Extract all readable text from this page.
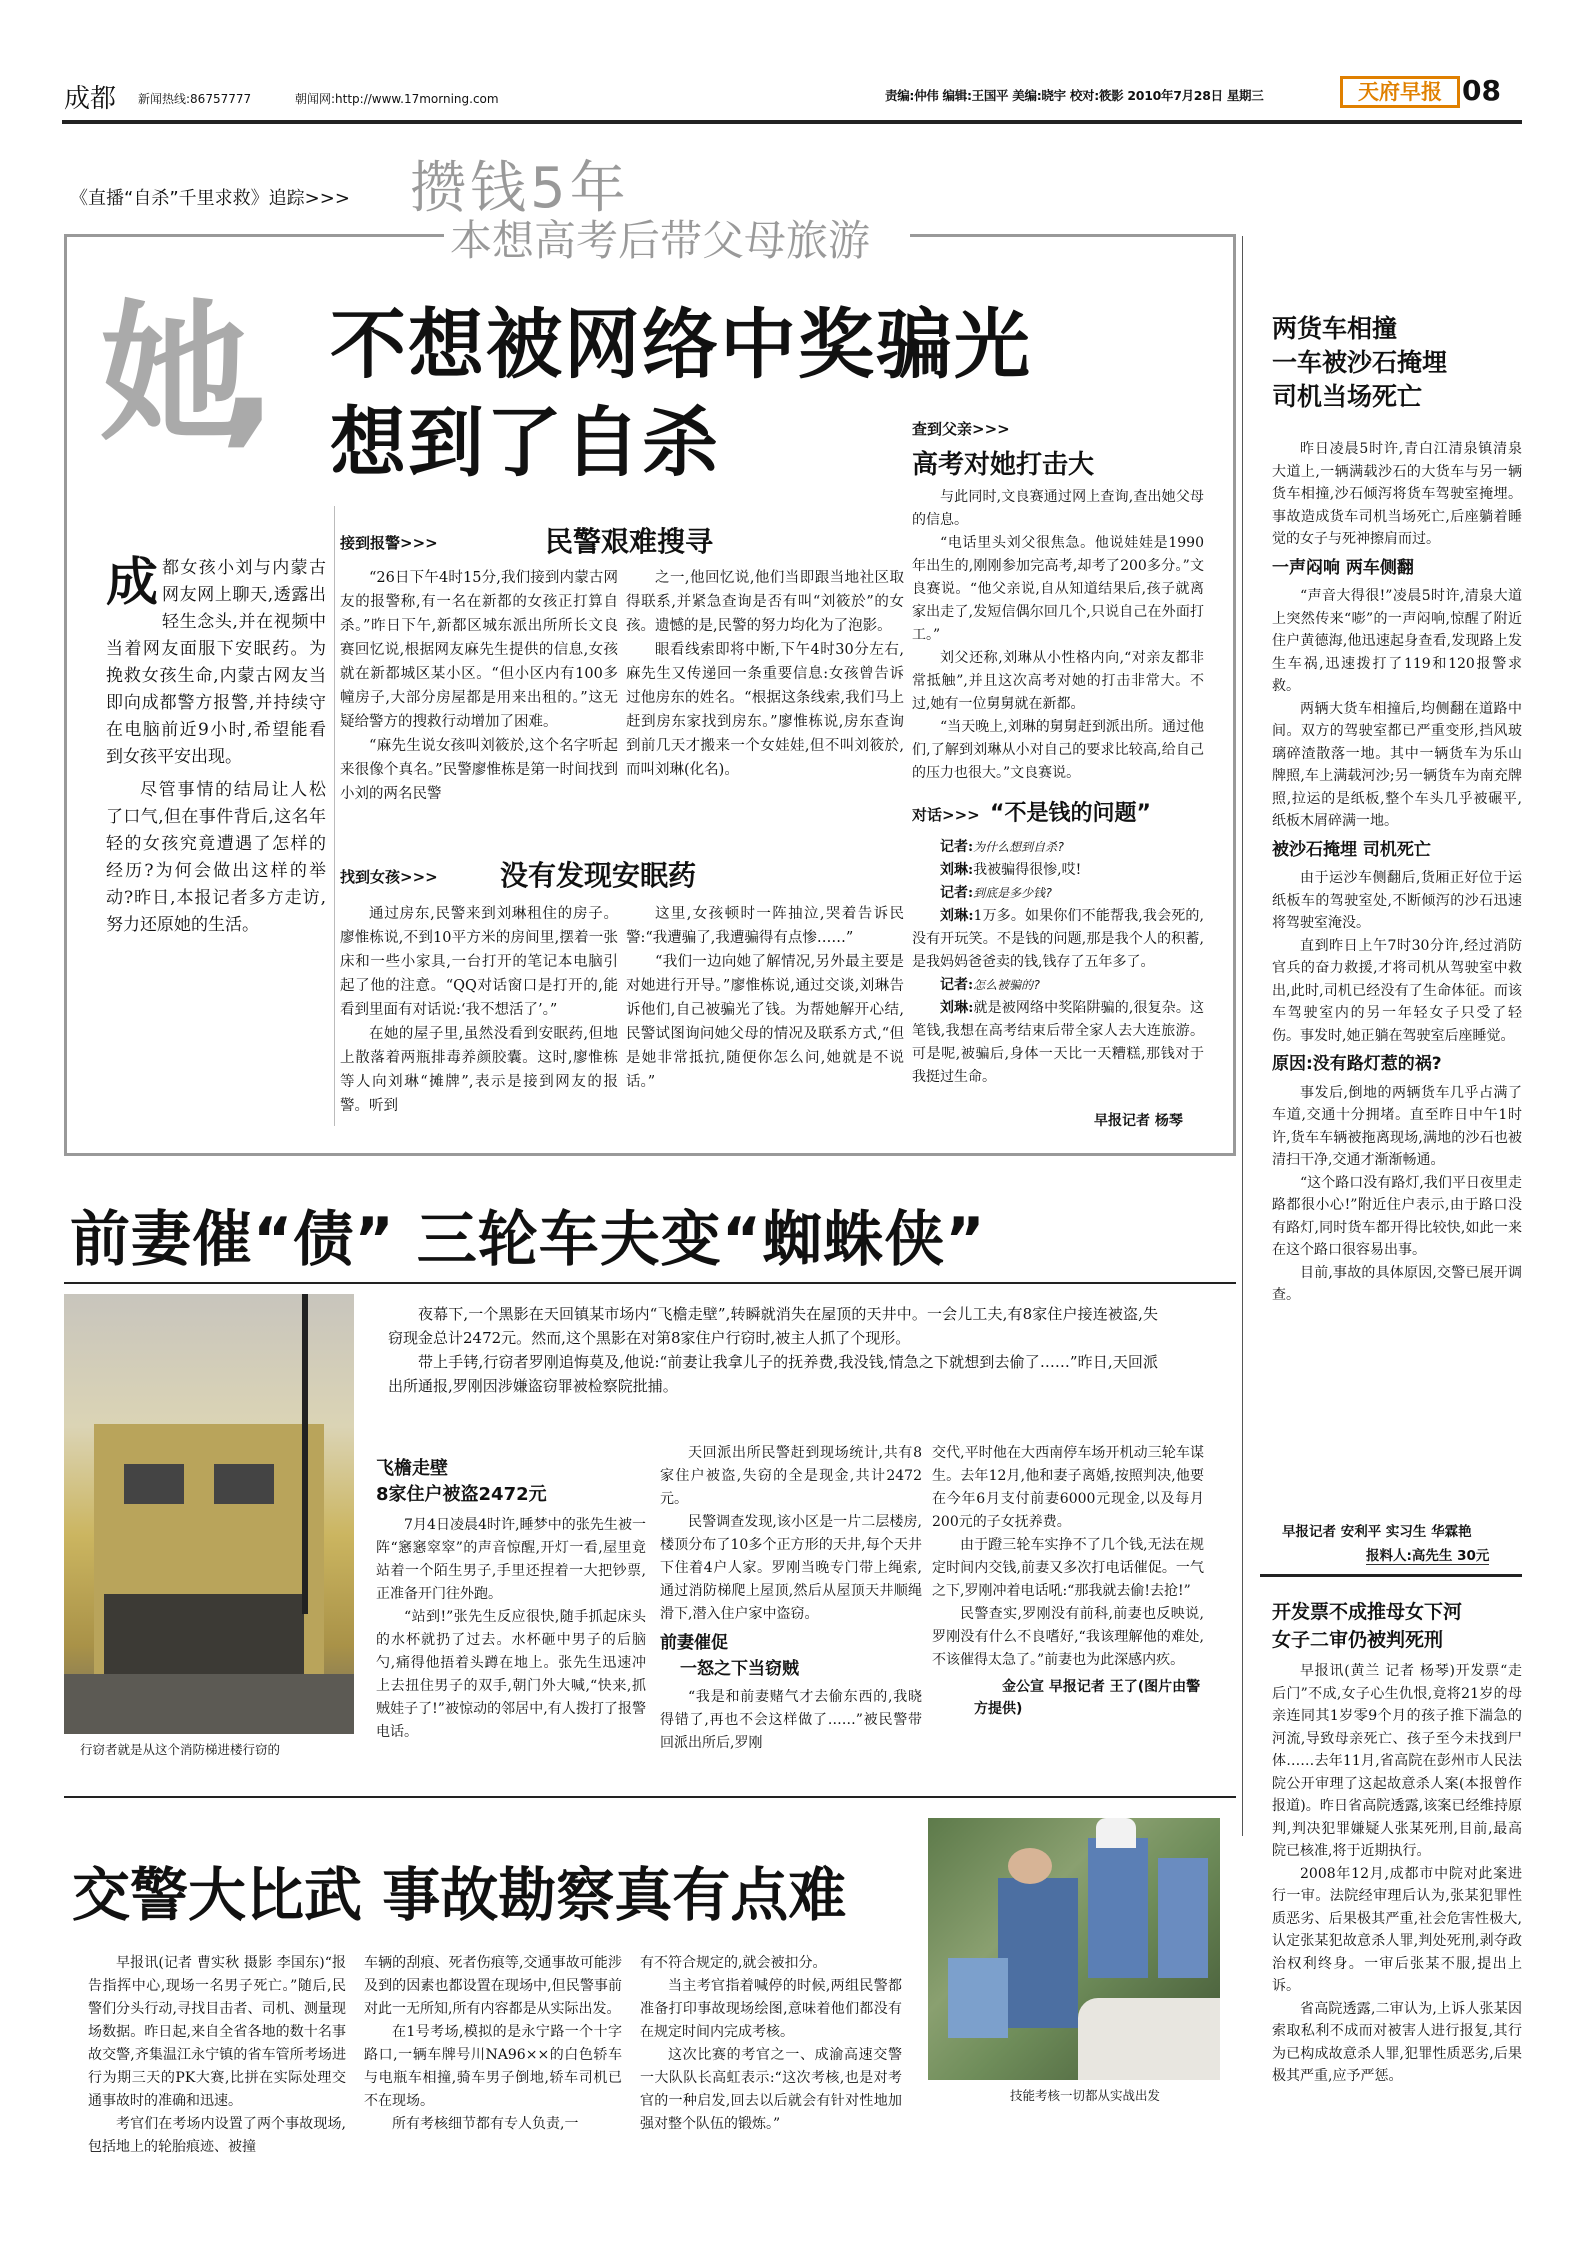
成都 新闻热线:86757777	朝闻网:http://www.17morning.com	责编:仲伟 编辑:王国平 美编:晓宇 校对:筱影 2010年7月28日 星期三	天府早报 08
《直播“自杀”千里求救》追踪>>> 攒钱5年
本想高考后带父母旅游
她, 不想被网络中奖骗光
想到了自杀
成 都女孩小刘与内蒙古网友网上聊天,透露出轻生念头,并在视频中当着网友面服下安眠药。为挽救女孩生命,内蒙古网友当即向成都警方报警,并持续守在电脑前近9小时,希望能看到女孩平安出现。

尽管事情的结局让人松了口气,但在事件背后,这名年轻的女孩究竟遭遇了怎样的经历?为何会做出这样的举动?昨日,本报记者多方走访,努力还原她的生活。

接到报警>>>	民警艰难搜寻

“26日下午4时15分,我们接到内蒙古网友的报警称,有一名在新都的女孩正打算自杀。”昨日下午,新都区城东派出所所长文良赛回忆说,根据网友麻先生提供的信息,女孩就在新都城区某小区。“但小区内有100多幢房子,大部分房屋都是用来出租的。”这无疑给警方的搜救行动增加了困难。

“麻先生说女孩叫刘筱於,这个名字听起来很像个真名。”民警廖惟栋是第一时间找到小刘的两名民警

之一,他回忆说,他们当即跟当地社区取得联系,并紧急查询是否有叫“刘筱於”的女孩。遗憾的是,民警的努力均化为了泡影。

眼看线索即将中断,下午4时30分左右,麻先生又传递回一条重要信息:女孩曾告诉过他房东的姓名。“根据这条线索,我们马上赶到房东家找到房东。”廖惟栋说,房东查询到前几天才搬来一个女娃娃,但不叫刘筱於,而叫刘琳(化名)。

找到女孩>>> 没有发现安眠药

通过房东,民警来到刘琳租住的房子。廖惟栋说,不到10平方米的房间里,摆着一张床和一些小家具,一台打开的笔记本电脑引起了他的注意。“QQ对话窗口是打开的,能看到里面有对话说:‘我不想活了’。”

在她的屋子里,虽然没看到安眠药,但地上散落着两瓶排毒养颜胶囊。这时,廖惟栋等人向刘琳“摊牌”,表示是接到网友的报警。听到

这里,女孩顿时一阵抽泣,哭着告诉民警:“我遭骗了,我遭骗得有点惨……”

“我们一边向她了解情况,另外最主要是对她进行开导。”廖惟栋说,通过交谈,刘琳告诉他们,自己被骗光了钱。为帮她解开心结,民警试图询问她父母的情况及联系方式,“但是她非常抵抗,随便你怎么问,她就是不说话。”

查到父亲>>>
高考对她打击大

与此同时,文良赛通过网上查询,查出她父母的信息。

“电话里头刘父很焦急。他说娃娃是1990年出生的,刚刚参加完高考,却考了200多分。”文良赛说。“他父亲说,自从知道结果后,孩子就离家出走了,发短信偶尔回几个,只说自己在外面打工。”

刘父还称,刘琳从小性格内向,“对亲友都非常抵触”,并且这次高考对她的打击非常大。不过,她有一位舅舅就在新都。

“当天晚上,刘琳的舅舅赶到派出所。通过他们,了解到刘琳从小对自己的要求比较高,给自己的压力也很大。”文良赛说。

对话>>> “不是钱的问题”
记者:为什么想到自杀?
刘琳:我被骗得很惨,哎!
记者:到底是多少钱?
刘琳:1万多。如果你们不能帮我,我会死的,没有开玩笑。不是钱的问题,那是我个人的积蓄,是我妈妈爸爸卖的钱,钱存了五年多了。
记者:怎么被骗的?
刘琳:就是被网络中奖陷阱骗的,很复杂。这笔钱,我想在高考结束后带全家人去大连旅游。可是呢,被骗后,身体一天比一天糟糕,那钱对于我挺过生命。
早报记者 杨琴
两货车相撞
一车被沙石掩埋
司机当场死亡

昨日凌晨5时许,青白江清泉镇清泉大道上,一辆满载沙石的大货车与另一辆货车相撞,沙石倾泻将货车驾驶室掩埋。事故造成货车司机当场死亡,后座躺着睡觉的女子与死神擦肩而过。

一声闷响 两车侧翻

“声音大得很!”凌晨5时许,清泉大道上突然传来“嘭”的一声闷响,惊醒了附近住户黄德海,他迅速起身查看,发现路上发生车祸,迅速拨打了119和120报警求救。

两辆大货车相撞后,均侧翻在道路中间。双方的驾驶室都已严重变形,挡风玻璃碎渣散落一地。其中一辆货车为乐山牌照,车上满载河沙;另一辆货车为南充牌照,拉运的是纸板,整个车头几乎被碾平,纸板木屑碎满一地。

被沙石掩埋 司机死亡

由于运沙车侧翻后,货厢正好位于运纸板车的驾驶室处,不断倾泻的沙石迅速将驾驶室淹没。

直到昨日上午7时30分许,经过消防官兵的奋力救援,才将司机从驾驶室中救出,此时,司机已经没有了生命体征。而该车驾驶室内的另一年轻女子只受了轻伤。事发时,她正躺在驾驶室后座睡觉。

原因:没有路灯惹的祸?

事发后,倒地的两辆货车几乎占满了车道,交通十分拥堵。直至昨日中午1时许,货车车辆被拖离现场,满地的沙石也被清扫干净,交通才渐渐畅通。

“这个路口没有路灯,我们平日夜里走路都很小心!”附近住户表示,由于路口没有路灯,同时货车都开得比较快,如此一来在这个路口很容易出事。

目前,事故的具体原因,交警已展开调查。

早报记者 安利平 实习生 华霖艳
报料人:高先生 30元
开发票不成推母女下河
女子二审仍被判死刑

早报讯(黄兰 记者 杨琴)开发票“走后门”不成,女子心生仇恨,竟将21岁的母亲连同其1岁零9个月的孩子推下湍急的河流,导致母亲死亡、孩子至今未找到尸体……去年11月,省高院在彭州市人民法院公开审理了这起故意杀人案(本报曾作报道)。昨日省高院透露,该案已经维持原判,判决犯罪嫌疑人张某死刑,目前,最高院已核准,将于近期执行。

2008年12月,成都市中院对此案进行一审。法院经审理后认为,张某犯罪性质恶劣、后果极其严重,社会危害性极大,认定张某犯故意杀人罪,判处死刑,剥夺政治权利终身。一审后张某不服,提出上诉。

省高院透露,二审认为,上诉人张某因索取私利不成而对被害人进行报复,其行为已构成故意杀人罪,犯罪性质恶劣,后果极其严重,应予严惩。

前妻催“债” 三轮车夫变“蜘蛛侠”
行窃者就是从这个消防梯进楼行窃的

夜幕下,一个黑影在天回镇某市场内“飞檐走壁”,转瞬就消失在屋顶的天井中。一会儿工夫,有8家住户接连被盗,失窃现金总计2472元。然而,这个黑影在对第8家住户行窃时,被主人抓了个现形。

带上手铐,行窃者罗刚追悔莫及,他说:“前妻让我拿儿子的抚养费,我没钱,情急之下就想到去偷了……”昨日,天回派出所通报,罗刚因涉嫌盗窃罪被检察院批捕。

飞檐走壁
8家住户被盗2472元

7月4日凌晨4时许,睡梦中的张先生被一阵“窸窸窣窣”的声音惊醒,开灯一看,屋里竟站着一个陌生男子,手里还捏着一大把钞票,正准备开门往外跑。

“站到!”张先生反应很快,随手抓起床头的水杯就扔了过去。水杯砸中男子的后脑勺,痛得他捂着头蹲在地上。张先生迅速冲上去扭住男子的双手,朝门外大喊,“快来,抓贼娃子了!”被惊动的邻居中,有人拨打了报警电话。

天回派出所民警赶到现场统计,共有8家住户被盗,失窃的全是现金,共计2472元。

民警调查发现,该小区是一片二层楼房,楼顶分布了10多个正方形的天井,每个天井下住着4户人家。罗刚当晚专门带上绳索,通过消防梯爬上屋顶,然后从屋顶天井顺绳滑下,潜入住户家中盗窃。

前妻催促
一怒之下当窃贼

“我是和前妻赌气才去偷东西的,我晓得错了,再也不会这样做了……”被民警带回派出所后,罗刚

交代,平时他在大西南停车场开机动三轮车谋生。去年12月,他和妻子离婚,按照判决,他要在今年6月支付前妻6000元现金,以及每月200元的子女抚养费。

由于蹬三轮车实挣不了几个钱,无法在规定时间内交钱,前妻又多次打电话催促。一气之下,罗刚冲着电话吼:“那我就去偷!去抢!”

民警查实,罗刚没有前科,前妻也反映说,罗刚没有什么不良嗜好,“我该理解他的难处,不该催得太急了。”前妻也为此深感内疚。

金公宣 早报记者 王了(图片由警方提供)
交警大比武 事故勘察真有点难

早报讯(记者 曹实秋 摄影 李国东)“报告指挥中心,现场一名男子死亡。”随后,民警们分头行动,寻找目击者、司机、测量现场数据。昨日起,来自全省各地的数十名事故交警,齐集温江永宁镇的省车管所考场进行为期三天的PK大赛,比拼在实际处理交通事故时的准确和迅速。

考官们在考场内设置了两个事故现场,包括地上的轮胎痕迹、被撞

车辆的刮痕、死者伤痕等,交通事故可能涉及到的因素也都设置在现场中,但民警事前对此一无所知,所有内容都是从实际出发。

在1号考场,模拟的是永宁路一个十字路口,一辆车牌号川NA96××的白色轿车与电瓶车相撞,骑车男子倒地,轿车司机已不在现场。

所有考核细节都有专人负责,一

有不符合规定的,就会被扣分。

当主考官指着喊停的时候,两组民警都准备打印事故现场绘图,意味着他们都没有在规定时间内完成考核。

这次比赛的考官之一、成渝高速交警一大队队长高虹表示:“这次考核,也是对考官的一种启发,回去以后就会有针对性地加强对整个队伍的锻炼。”

技能考核一切都从实战出发
